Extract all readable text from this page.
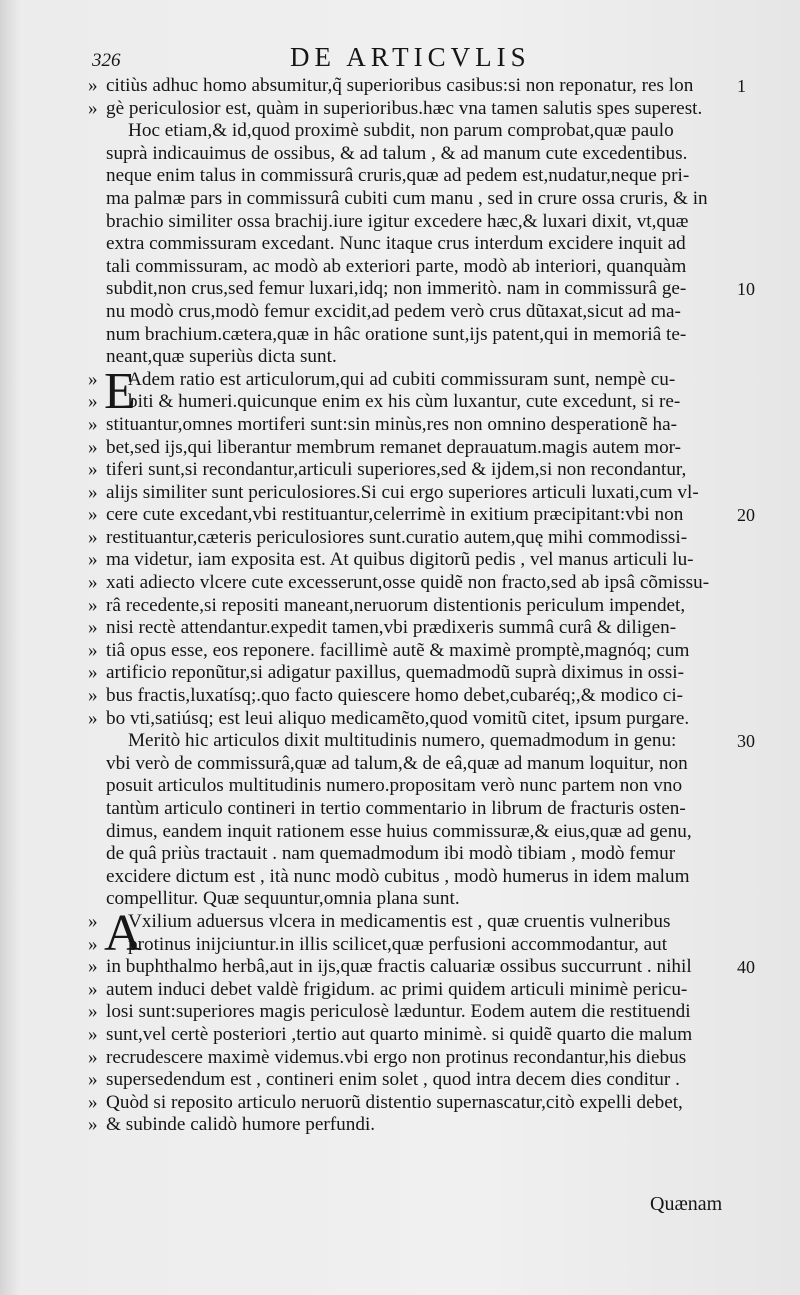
326	DE ARTICVLIS
» citiùs adhuc homo absumitur,q̃ superioribus casibus:si non reponatur, res lon 1
» gè periculosior est, quàm in superioribus.hæc vna tamen salutis spes superest.
Hoc etiam,& id,quod proximè subdit, non parum comprobat,quæ paulo
suprà indicauimus de ossibus, & ad talum , & ad manum cute excedentibus.
neque enim talus in commissurâ cruris,quæ ad pedem est,nudatur,neque pri-
ma palmæ pars in commissurâ cubiti cum manu , sed in crure ossa cruris, & in
brachio similiter ossa brachij.iure igitur excedere hæc,& luxari dixit, vt,quæ
extra commissuram excedant. Nunc itaque crus interdum excidere inquit ad
tali commissuram, ac modò ab exteriori parte, modò ab interiori, quanquàm
subdit,non crus,sed femur luxari,idq; non immeritò. nam in commissurâ ge-	10
nu modò crus,modò femur excidit,ad pedem verò crus dũtaxat,sicut ad ma-
num brachium.cætera,quæ in hâc oratione sunt,ijs patent,qui in memoriâ te-
neant,quæ superiùs dicta sunt.
» E
Adem ratio est articulorum,qui ad cubiti commissuram sunt, nempè cu-
» biti & humeri.quicunque enim ex his cùm luxantur, cute excedunt, si re-
» stituantur,omnes mortiferi sunt:sin minùs,res non omnino desperationẽ ha-
» bet,sed ijs,qui liberantur membrum remanet deprauatum.magis autem mor-
» tiferi sunt,si recondantur,articuli superiores,sed & ijdem,si non recondantur,
» alijs similiter sunt periculosiores.Si cui ergo superiores articuli luxati,cum vl-
» cere cute excedant,vbi restituantur,celerrimè in exitium præcipitant:vbi non	20
» restituantur,cæteris periculosiores sunt.curatio autem,quę mihi commodissi-
» ma videtur, iam exposita est. At quibus digitorũ pedis , vel manus articuli lu-
» xati adiecto vlcere cute excesserunt,osse quidẽ non fracto,sed ab ipsâ cõmissu-
» râ recedente,si repositi maneant,neruorum distentionis periculum impendet,
» nisi rectè attendantur.expedit tamen,vbi prædixeris summâ curâ & diligen-
» tiâ opus esse, eos reponere. facillimè autẽ & maximè promptè,magnóq; cum
» artificio reponũtur,si adigatur paxillus, quemadmodũ suprà diximus in ossi-
» bus fractis,luxatísq;.quo facto quiescere homo debet,cubaréq;,& modico ci-
» bo vti,satiúsq; est leui aliquo medicamẽto,quod vomitũ citet, ipsum purgare.
Meritò hic articulos dixit multitudinis numero, quemadmodum in genu:	30
vbi verò de commissurâ,quæ ad talum,& de eâ,quæ ad manum loquitur, non
posuit articulos multitudinis numero.propositam verò nunc partem non vno
tantùm articulo contineri in tertio commentario in librum de fracturis osten-
dimus, eandem inquit rationem esse huius commissuræ,& eius,quæ ad genu,
de quâ priùs tractauit . nam quemadmodum ibi modò tibiam , modò femur
excidere dictum est , ità nunc modò cubitus , modò humerus in idem malum
compellitur. Quæ sequuntur,omnia plana sunt.
» A
Vxilium aduersus vlcera in medicamentis est , quæ cruentis vulneribus
» protinus inijciuntur.in illis scilicet,quæ perfusioni accommodantur, aut
» in buphthalmo herbâ,aut in ijs,quæ fractis caluariæ ossibus succurrunt . nihil	40
» autem induci debet valdè frigidum. ac primi quidem articuli minimè pericu-
» losi sunt:superiores magis periculosè læduntur. Eodem autem die restituendi
» sunt,vel certè posteriori ,tertio aut quarto minimè. si quidẽ quarto die malum
» recrudescere maximè videmus.vbi ergo non protinus recondantur,his diebus
» supersedendum est , contineri enim solet , quod intra decem dies conditur .
» Quòd si reposito articulo neruorũ distentio supernascatur,citò expelli debet,
» & subinde calidò humore perfundi.
Quænam
